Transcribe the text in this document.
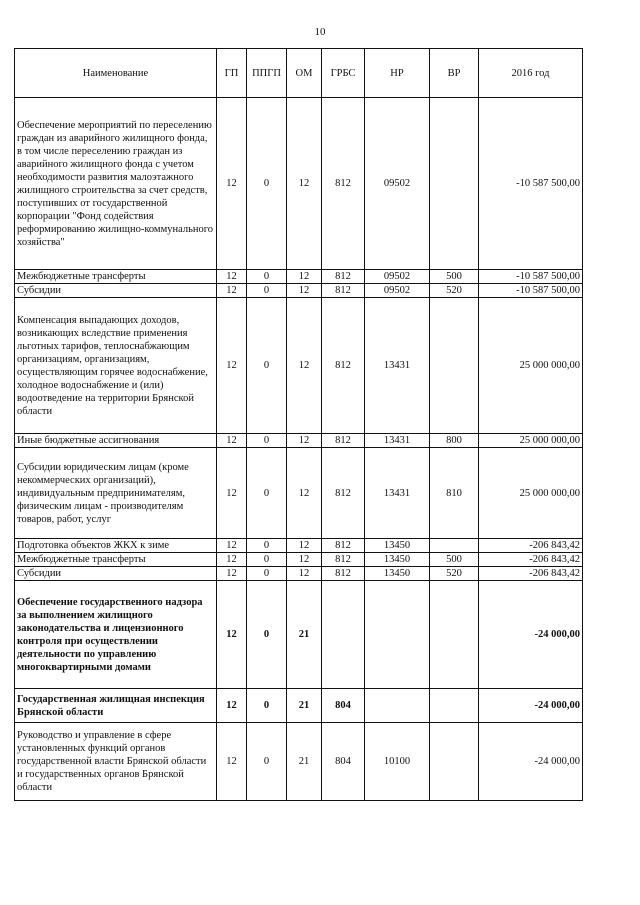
10
Наименование	ГП	ППГП	ОМ	ГРБС	НР	ВР	2016 год
Обеспечение мероприятий по переселению граждан из аварийного жилищного фонда, в том числе переселению граждан из аварийного жилищного фонда с учетом необходимости развития малоэтажного жилищного строительства за счет средств, поступивших от государственной корпорации "Фонд содействия реформированию жилищно-коммунального хозяйства"	12	0	12	812	09502		-10 587 500,00
Межбюджетные трансферты	12	0	12	812	09502	500	-10 587 500,00
Субсидии	12	0	12	812	09502	520	-10 587 500,00
Компенсация выпадающих доходов, возникающих вследствие применения льготных тарифов, теплоснабжающим организациям, организациям, осуществляющим горячее водоснабжение, холодное водоснабжение и (или) водоотведение на территории Брянской области	12	0	12	812	13431		25 000 000,00
Иные бюджетные ассигнования	12	0	12	812	13431	800	25 000 000,00
Субсидии юридическим лицам (кроме некоммерческих организаций), индивидуальным предпринимателям, физическим лицам - производителям товаров, работ, услуг	12	0	12	812	13431	810	25 000 000,00
Подготовка объектов ЖКХ к зиме	12	0	12	812	13450		-206 843,42
Межбюджетные трансферты	12	0	12	812	13450	500	-206 843,42
Субсидии	12	0	12	812	13450	520	-206 843,42
Обеспечение государственного надзора за выполнением жилищного законодательства и лицензионного контроля при осуществлении деятельности по управлению многоквартирными домами	12	0	21				-24 000,00
Государственная жилищная инспекция Брянской области	12	0	21	804			-24 000,00
Руководство и управление в сфере установленных функций органов государственной власти Брянской области и государственных органов Брянской области	12	0	21	804	10100		-24 000,00
